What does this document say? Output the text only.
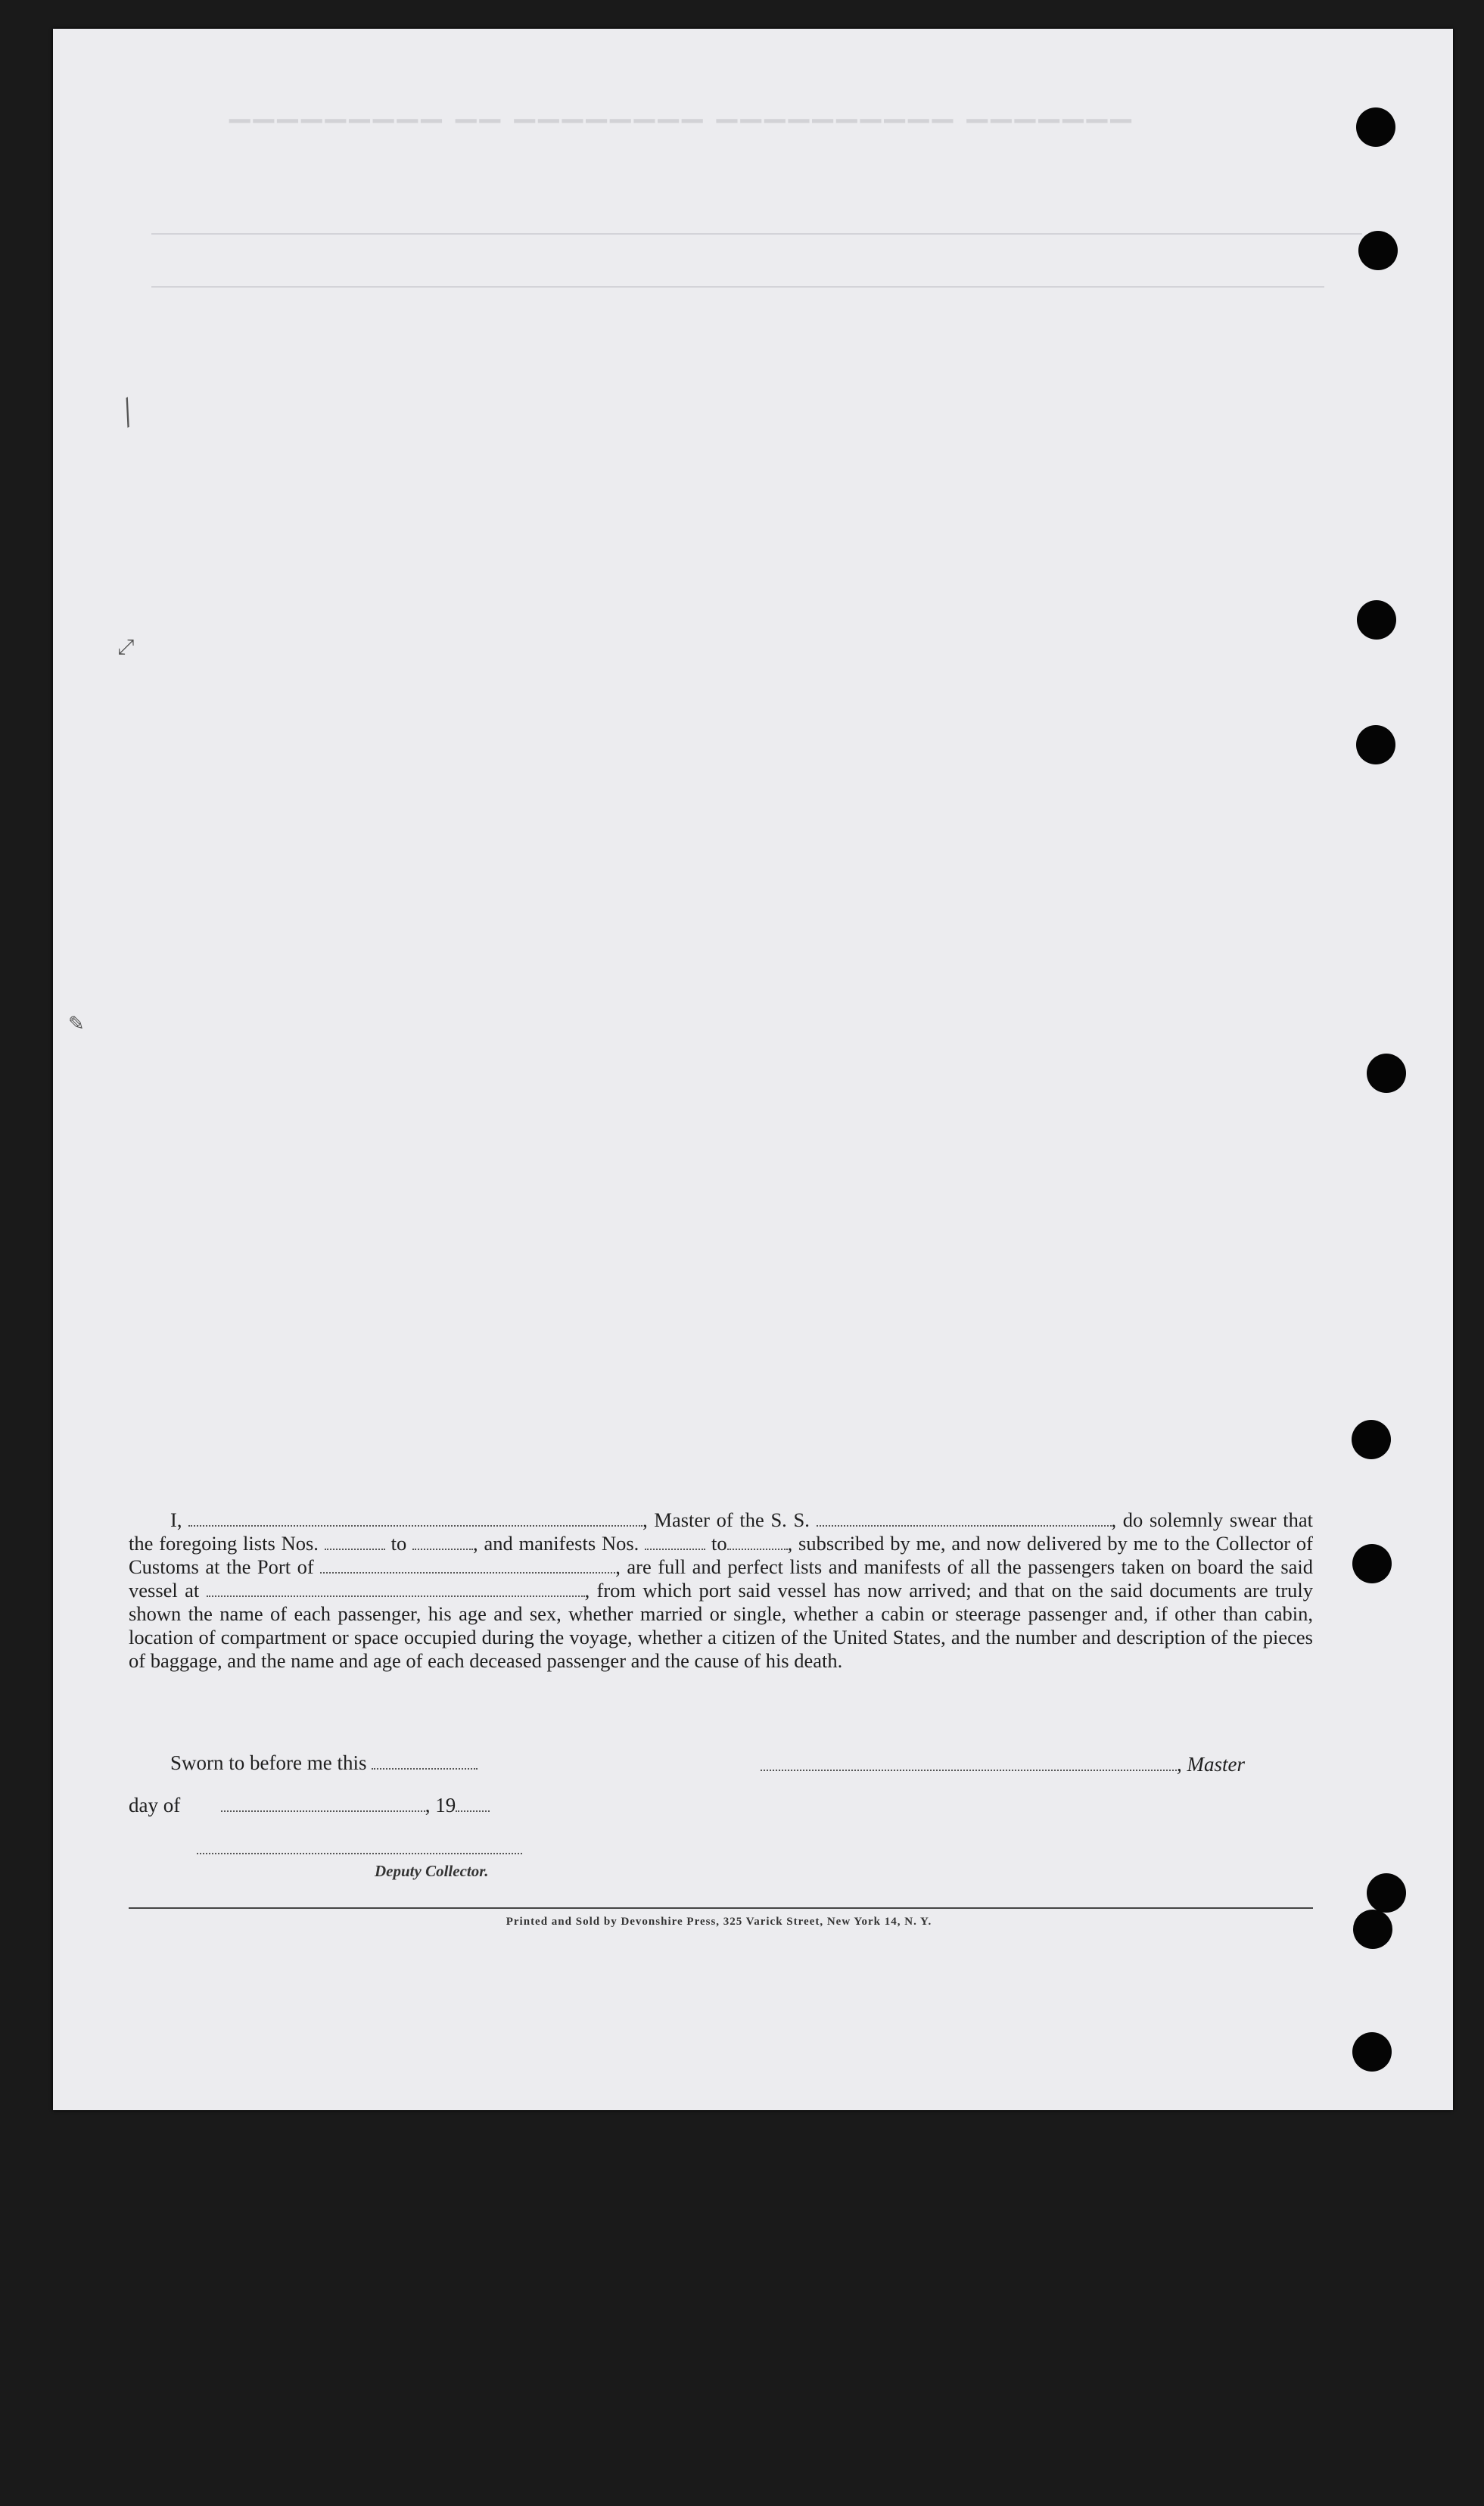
▁▁▁▁▁▁▁▁▁ ▁▁ ▁▁▁▁▁▁▁▁ ▁▁▁▁▁▁▁▁▁▁ ▁▁▁▁▁▁▁
╱
⤢
✎
I,	, Master of the S. S.	, do solemnly swear that the foregoing lists Nos.	to	, and manifests Nos.	to	, subscribed by me, and now delivered by me to the Collector of Customs at the Port of	, are full and perfect lists and manifests of all the passengers taken on board the said vessel at	, from which port said vessel has now arrived; and that on the said documents are truly shown the name of each passenger, his age and sex, whether married or single, whether a cabin or steerage passenger and, if other than cabin, location of compartment or space occupied during the voyage, whether a citizen of the United States, and the number and description of the pieces of baggage, and the name and age of each deceased passenger and the cause of his death.
Sworn to before me this	, Master
day of	, 19
Deputy Collector.
Printed and Sold by Devonshire Press, 325 Varick Street, New York 14, N. Y.
